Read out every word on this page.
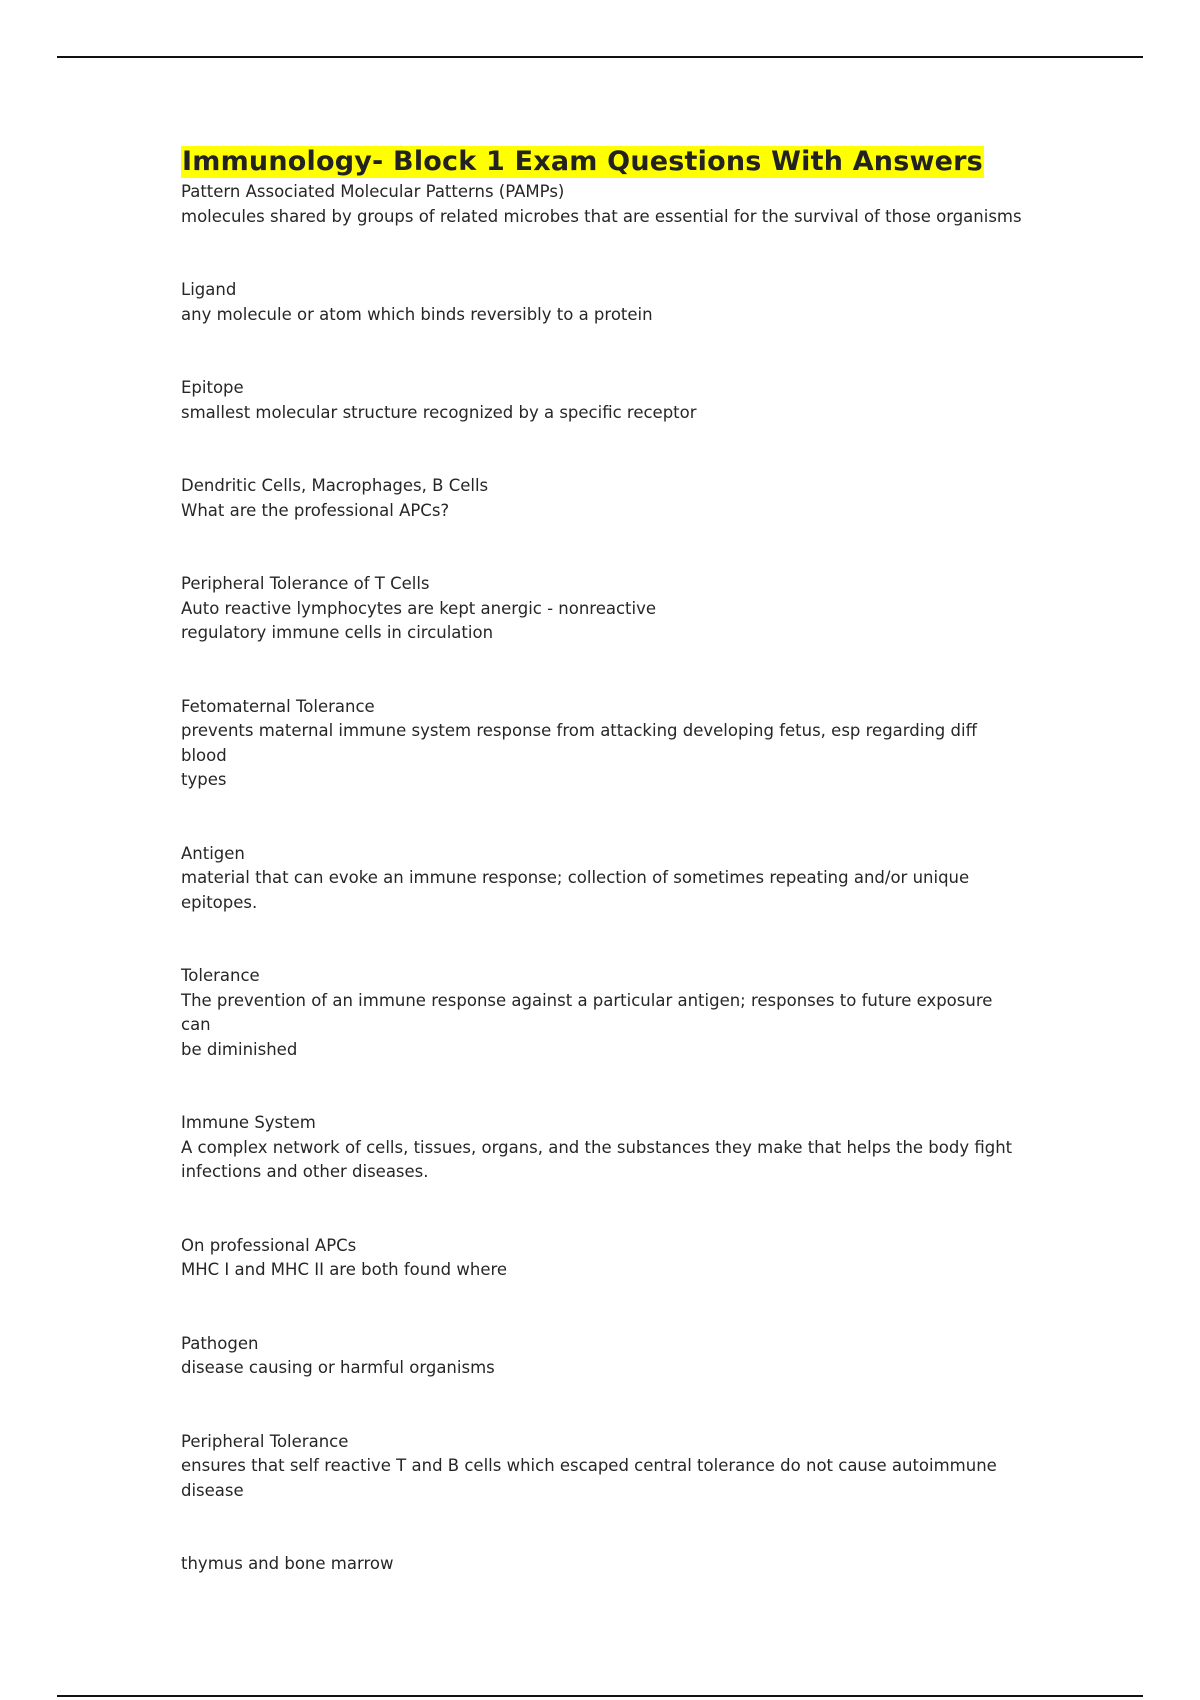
Immunology- Block 1 Exam Questions With Answers

Pattern Associated Molecular Patterns (PAMPs)

molecules shared by groups of related microbes that are essential for the survival of those organisms

Ligand

any molecule or atom which binds reversibly to a protein

Epitope

smallest molecular structure recognized by a specific receptor

Dendritic Cells, Macrophages, B Cells

What are the professional APCs?

Peripheral Tolerance of T Cells

Auto reactive lymphocytes are kept anergic - nonreactive

regulatory immune cells in circulation

Fetomaternal Tolerance

prevents maternal immune system response from attacking developing fetus, esp regarding diff blood

types

Antigen

material that can evoke an immune response; collection of sometimes repeating and/or unique

epitopes.

Tolerance

The prevention of an immune response against a particular antigen; responses to future exposure can

be diminished

Immune System

A complex network of cells, tissues, organs, and the substances they make that helps the body fight

infections and other diseases.

On professional APCs

MHC I and MHC II are both found where

Pathogen

disease causing or harmful organisms

Peripheral Tolerance

ensures that self reactive T and B cells which escaped central tolerance do not cause autoimmune

disease

thymus and bone marrow
